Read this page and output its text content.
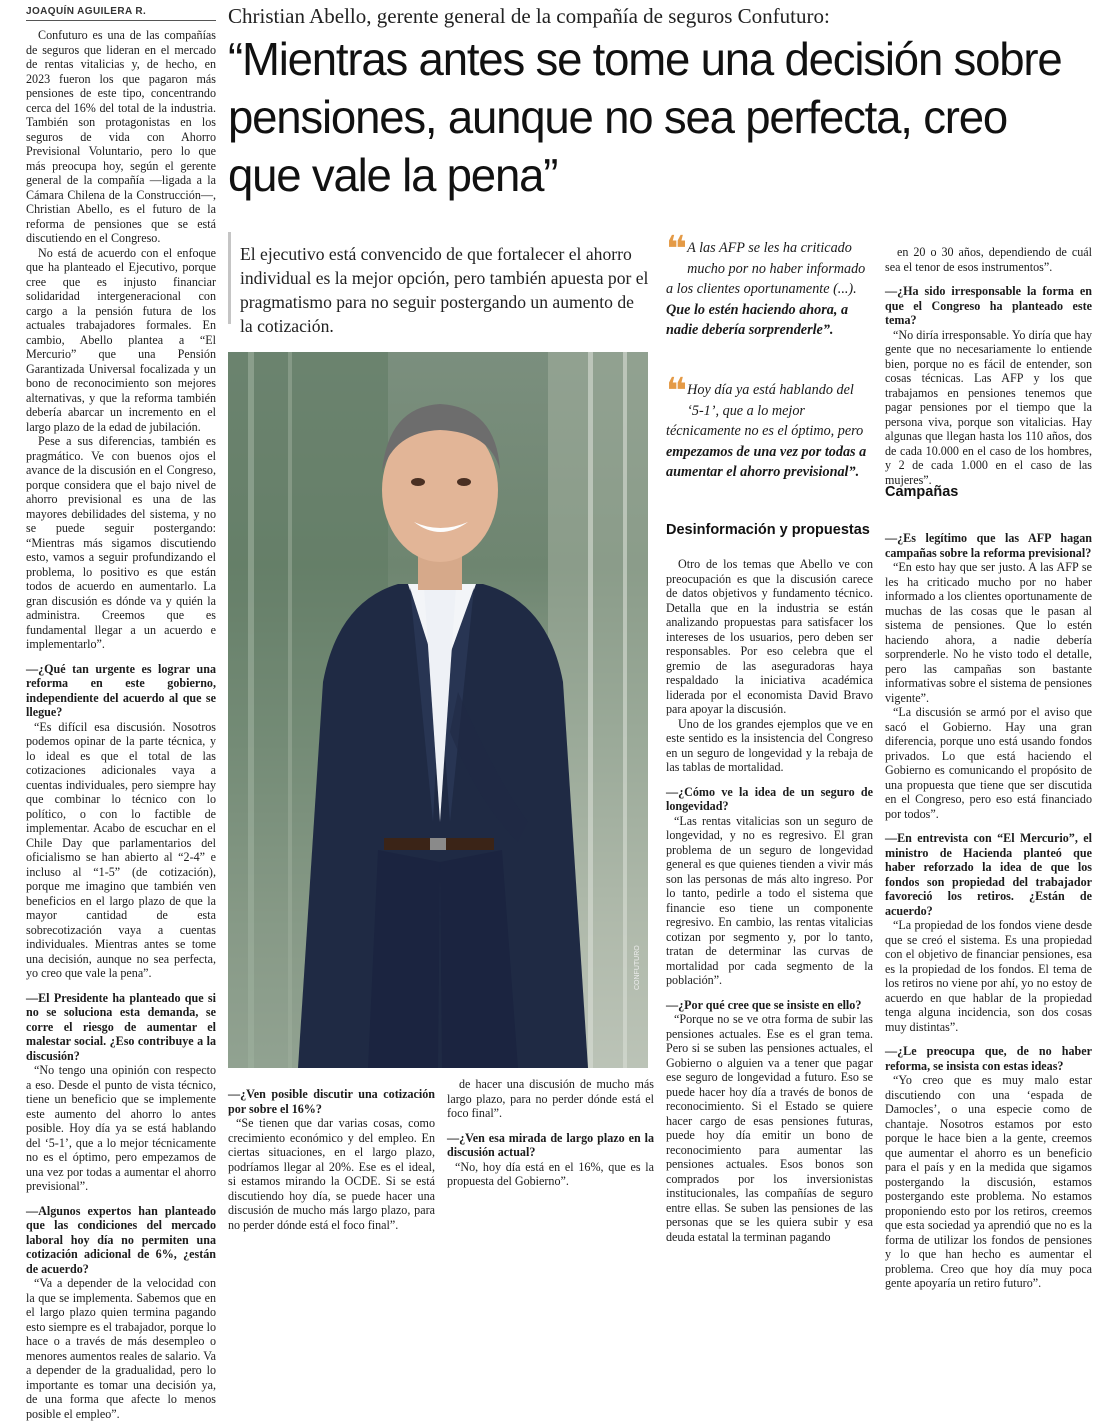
JOAQUÍN AGUILERA R.	Christian Abello, gerente general de la compañía de seguros Confuturo:
“Mientras antes se tome una decisión sobre pensiones, aunque no sea perfecta, creo que vale la pena”

Confuturo es una de las compañías de seguros que lideran en el mercado de rentas vitalicias y, de hecho, en 2023 fueron los que pagaron más pensiones de este tipo, concentrando cerca del 16% del total de la industria. También son protagonistas en los seguros de vida con Ahorro Previsional Voluntario, pero lo que más preocupa hoy, según el gerente general de la compañía —ligada a la Cámara Chilena de la Construcción—, Christian Abello, es el futuro de la reforma de pensiones que se está discutiendo en el Congreso.

No está de acuerdo con el enfoque que ha planteado el Ejecutivo, porque cree que es injusto financiar solidaridad intergeneracional con cargo a la pensión futura de los actuales trabajadores formales. En cambio, Abello plantea a “El Mercurio” que una Pensión Garantizada Universal focalizada y un bono de reconocimiento son mejores alternativas, y que la reforma también debería abarcar un incremento en el largo plazo de la edad de jubilación.

Pese a sus diferencias, también es pragmático. Ve con buenos ojos el avance de la discusión en el Congreso, porque considera que el bajo nivel de ahorro previsional es una de las mayores debilidades del sistema, y no se puede seguir postergando: “Mientras más sigamos discutiendo esto, vamos a seguir profundizando el problema, lo positivo es que están todos de acuerdo en aumentarlo. La gran discusión es dónde va y quién la administra. Creemos que es fundamental llegar a un acuerdo e implementarlo”.

—¿Qué tan urgente es lograr una reforma en este gobierno, independiente del acuerdo al que se llegue?

“Es difícil esa discusión. Nosotros podemos opinar de la parte técnica, y lo ideal es que el total de las cotizaciones adicionales vaya a cuentas individuales, pero siempre hay que combinar lo técnico con lo político, o con lo factible de implementar. Acabo de escuchar en el Chile Day que parlamentarios del oficialismo se han abierto al “2-4” e incluso al “1-5” (de cotización), porque me imagino que también ven beneficios en el largo plazo de que la mayor cantidad de esta sobrecotización vaya a cuentas individuales. Mientras antes se tome una decisión, aunque no sea perfecta, yo creo que vale la pena”.

—El Presidente ha planteado que si no se soluciona esta demanda, se corre el riesgo de aumentar el malestar social. ¿Eso contribuye a la discusión?

“No tengo una opinión con respecto a eso. Desde el punto de vista técnico, tiene un beneficio que se implemente este aumento del ahorro lo antes posible. Hoy día ya se está hablando del ‘5-1’, que a lo mejor técnicamente no es el óptimo, pero empezamos de una vez por todas a aumentar el ahorro previsional”.

—Algunos expertos han planteado que las condiciones del mercado laboral hoy día no permiten una cotización adicional de 6%, ¿están de acuerdo?

“Va a depender de la velocidad con la que se implementa. Sabemos que en el largo plazo quien termina pagando esto siempre es el trabajador, porque lo hace o a través de más desempleo o menores aumentos reales de salario. Va a depender de la gradualidad, pero lo importante es tomar una decisión ya, de una forma que afecte lo menos posible el empleo”.

El ejecutivo está convencido de que fortalecer el ahorro individual es la mejor opción, pero también apuesta por el pragmatismo para no seguir postergando un aumento de la cotización.
CONFUTURO
❝ A las AFP se les ha criticado mucho por no haber informado a los clientes oportunamente (...). Que lo estén haciendo ahora, a nadie debería sorprenderle”.
❝ Hoy día ya está hablando del ‘5-1’, que a lo mejor técnicamente no es el óptimo, pero empezamos de una vez por todas a aumentar el ahorro previsional”.
Desinformación y propuestas

Otro de los temas que Abello ve con preocupación es que la discusión carece de datos objetivos y fundamento técnico. Detalla que en la industria se están analizando propuestas para satisfacer los intereses de los usuarios, pero deben ser responsables. Por eso celebra que el gremio de las aseguradoras haya respaldado la iniciativa académica liderada por el economista David Bravo para apoyar la discusión.

Uno de los grandes ejemplos que ve en este sentido es la insistencia del Congreso en un seguro de longevidad y la rebaja de las tablas de mortalidad.

—¿Cómo ve la idea de un seguro de longevidad?

“Las rentas vitalicias son un seguro de longevidad, y no es regresivo. El gran problema de un seguro de longevidad general es que quienes tienden a vivir más son las personas de más alto ingreso. Por lo tanto, pedirle a todo el sistema que financie eso tiene un componente regresivo. En cambio, las rentas vitalicias cotizan por segmento y, por lo tanto, tratan de determinar las curvas de mortalidad por cada segmento de la población”.

—¿Por qué cree que se insiste en ello?

“Porque no se ve otra forma de subir las pensiones actuales. Ese es el gran tema. Pero si se suben las pensiones actuales, el Gobierno o alguien va a tener que pagar ese seguro de longevidad a futuro. Eso se puede hacer hoy día a través de bonos de reconocimiento. Si el Estado se quiere hacer cargo de esas pensiones futuras, puede hoy día emitir un bono de reconocimiento para aumentar las pensiones actuales. Esos bonos son comprados por los inversionistas institucionales, las compañías de seguro entre ellas. Se suben las pensiones de las personas que se les quiera subir y esa deuda estatal la terminan pagando

—¿Ven posible discutir una cotización por sobre el 16%?

“Se tienen que dar varias cosas, como crecimiento económico y del empleo. En ciertas situaciones, en el largo plazo, podríamos llegar al 20%. Ese es el ideal, si estamos mirando la OCDE. Si se está discutiendo hoy día, se puede hacer una discusión de mucho más largo plazo, para no perder dónde está el foco final”.

de hacer una discusión de mucho más largo plazo, para no perder dónde está el foco final”.

—¿Ven esa mirada de largo plazo en la discusión actual?

“No, hoy día está en el 16%, que es la propuesta del Gobierno”.

en 20 o 30 años, dependiendo de cuál sea el tenor de esos instrumentos”.

—¿Ha sido irresponsable la forma en que el Congreso ha planteado este tema?

“No diría irresponsable. Yo diría que hay gente que no necesariamente lo entiende bien, porque no es fácil de entender, son cosas técnicas. Las AFP y los que trabajamos en pensiones tenemos que pagar pensiones por el tiempo que la persona viva, porque son vitalicias. Hay algunas que llegan hasta los 110 años, dos de cada 10.000 en el caso de los hombres, y 2 de cada 1.000 en el caso de las mujeres”.

—¿Es legítimo que las AFP hagan campañas sobre la reforma previsional?

“En esto hay que ser justo. A las AFP se les ha criticado mucho por no haber informado a los clientes oportunamente de muchas de las cosas que le pasan al sistema de pensiones. Que lo estén haciendo ahora, a nadie debería sorprenderle. No he visto todo el detalle, pero las campañas son bastante informativas sobre el sistema de pensiones vigente”.

“La discusión se armó por el aviso que sacó el Gobierno. Hay una gran diferencia, porque uno está usando fondos privados. Lo que está haciendo el Gobierno es comunicando el propósito de una propuesta que tiene que ser discutida en el Congreso, pero eso está financiado por todos”.

—En entrevista con “El Mercurio”, el ministro de Hacienda planteó que haber reforzado la idea de que los fondos son propiedad del trabajador favoreció los retiros. ¿Están de acuerdo?

“La propiedad de los fondos viene desde que se creó el sistema. Es una propiedad con el objetivo de financiar pensiones, esa es la propiedad de los fondos. El tema de los retiros no viene por ahí, yo no estoy de acuerdo en que hablar de la propiedad tenga alguna incidencia, son dos cosas muy distintas”.

—¿Le preocupa que, de no haber reforma, se insista con estas ideas?

“Yo creo que es muy malo estar discutiendo con una ‘espada de Damocles’, o una especie como de chantaje. Nosotros estamos por esto porque le hace bien a la gente, creemos que aumentar el ahorro es un beneficio para el país y en la medida que sigamos postergando la discusión, estamos postergando este problema. No estamos proponiendo esto por los retiros, creemos que esta sociedad ya aprendió que no es la forma de utilizar los fondos de pensiones y lo que han hecho es aumentar el problema. Creo que hoy día muy poca gente apoyaría un retiro futuro”.

Campañas
